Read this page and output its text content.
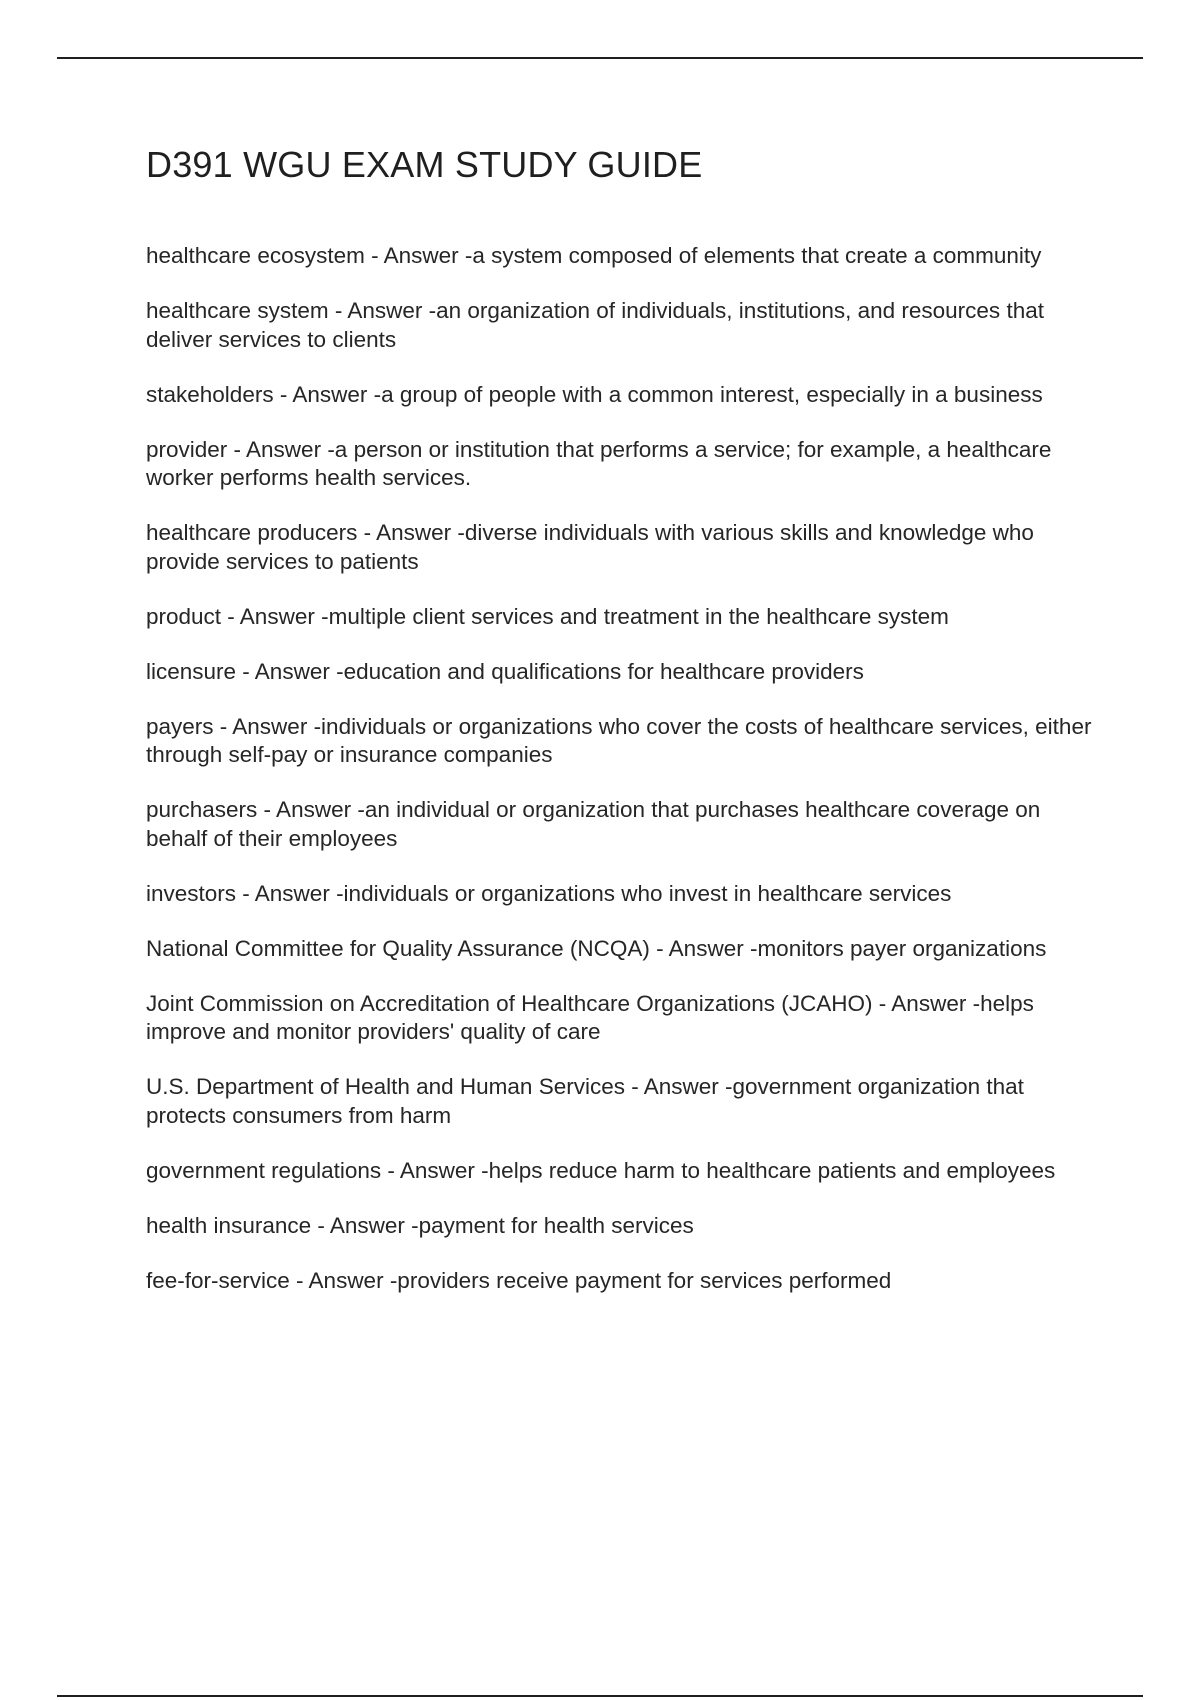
D391 WGU EXAM STUDY GUIDE
healthcare ecosystem - Answer -a system composed of elements that create a community
healthcare system - Answer -an organization of individuals, institutions, and resources that deliver services to clients
stakeholders - Answer -a group of people with a common interest, especially in a business
provider - Answer -a person or institution that performs a service; for example, a healthcare worker performs health services.
healthcare producers - Answer -diverse individuals with various skills and knowledge who provide services to patients
product - Answer -multiple client services and treatment in the healthcare system
licensure - Answer -education and qualifications for healthcare providers
payers - Answer -individuals or organizations who cover the costs of healthcare services, either through self-pay or insurance companies
purchasers - Answer -an individual or organization that purchases healthcare coverage on behalf of their employees
investors - Answer -individuals or organizations who invest in healthcare services
National Committee for Quality Assurance (NCQA) - Answer -monitors payer organizations
Joint Commission on Accreditation of Healthcare Organizations (JCAHO) - Answer -helps improve and monitor providers' quality of care
U.S. Department of Health and Human Services - Answer -government organization that protects consumers from harm
government regulations - Answer -helps reduce harm to healthcare patients and employees
health insurance - Answer -payment for health services
fee-for-service - Answer -providers receive payment for services performed
